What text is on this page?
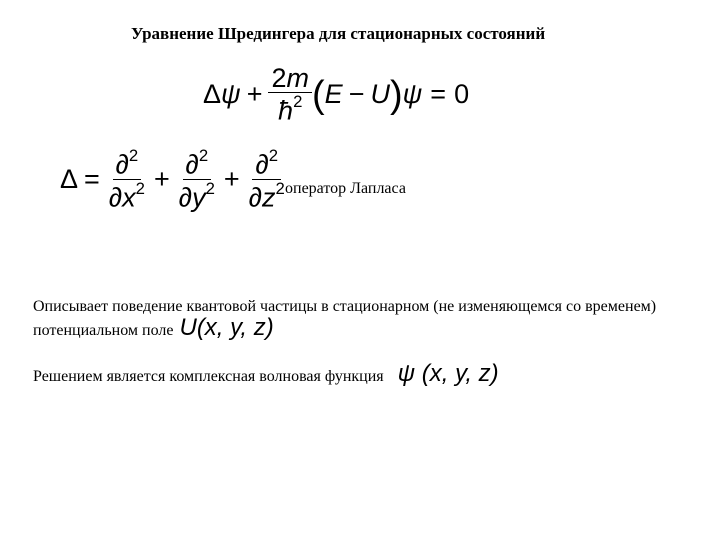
Уравнение Шредингера для стационарных состояний
Δ $\psi + \frac{2m}{ħ^2}$ ( E − U ) ψ = 0
$\Delta = \frac{\partial^2}{\partial x^2} + \frac{\partial^2}{\partial y^2} + \frac{\partial^2}{\partial z^2}$
оператор Лапласа
Описывает поведение квантовой частицы в стационарном (не изменяющемся со временем) потенциальном поле U(x, y, z)
Решением является комплексная волновая функция ψ (x, y, z)
